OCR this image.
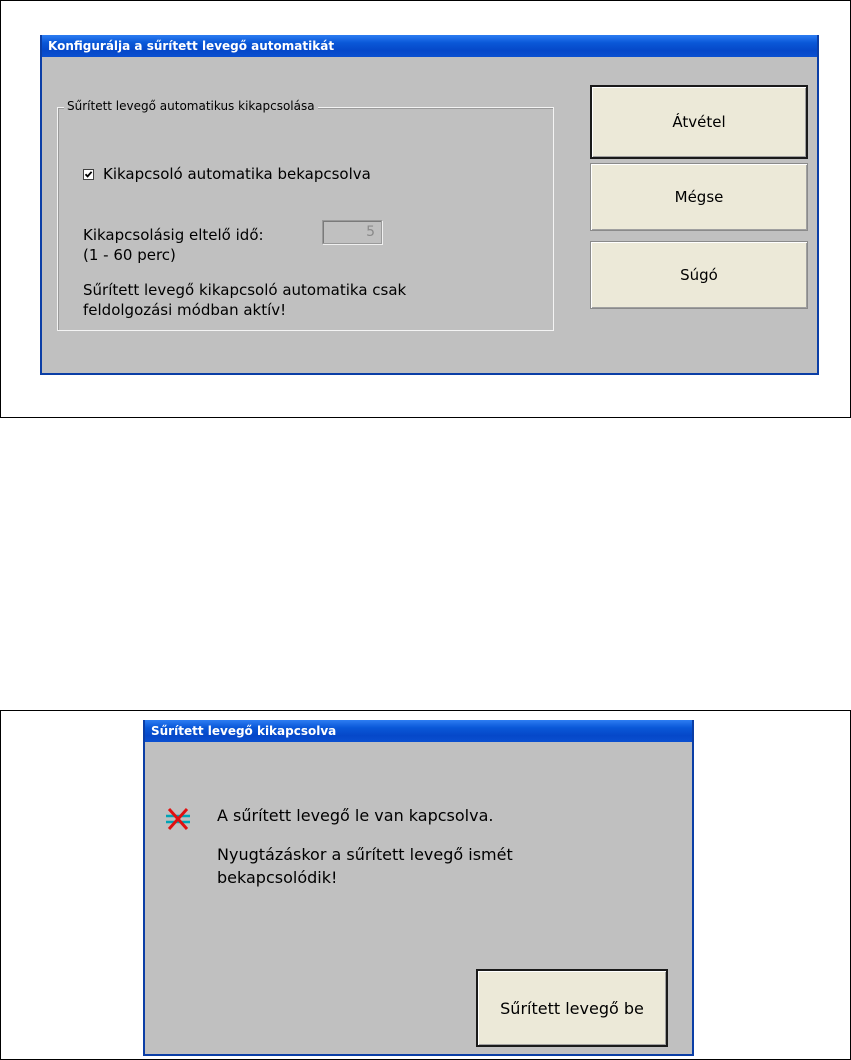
Konfigurálja a sűrített levegő automatikát
Sűrített levegő automatikus kikapcsolása
Kikapcsoló automatika bekapcsolva
Kikapcsolásig eltelő idő:
(1 - 60 perc)
5
Sűrített levegő kikapcsoló automatika csak
feldolgozási módban aktív!
Átvétel
Mégse
Súgó
Sűrített levegő kikapcsolva
A sűrített levegő le van kapcsolva.
Nyugtázáskor a sűrített levegő ismét
bekapcsolódik!
Sűrített levegő be
